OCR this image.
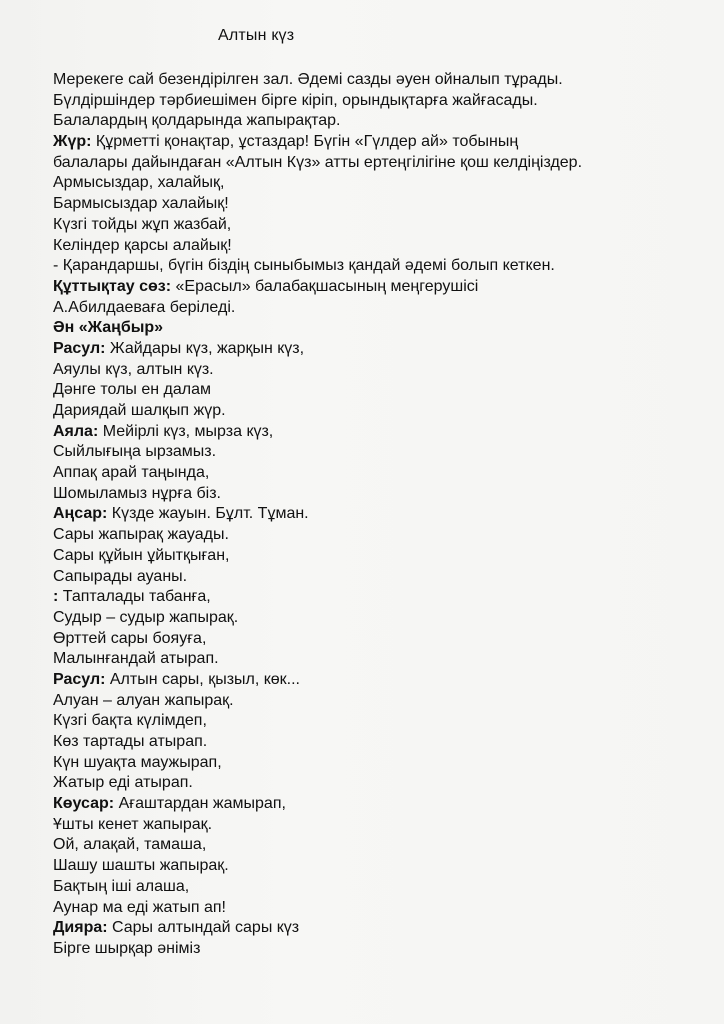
Алтын күз
Мерекеге сай безендірілген зал. Әдемі сазды әуен ойналып тұрады.
Бүлдіршіндер тәрбиешімен бірге кіріп, орындықтарға жайғасады.
Балалардың қолдарында жапырақтар.
Жүр: Құрметті қонақтар, ұстаздар! Бүгін «Гүлдер ай» тобының
балалары дайындаған «Алтын Күз» атты ертеңгілігіне қош келдіңіздер.
Армысыздар, халайық,
Бармысыздар халайық!
Күзгі тойды жұп жазбай,
Келіндер қарсы алайық!
- Қарандаршы, бүгін біздің сыныбымыз қандай әдемі болып кеткен.
Құттықтау сөз: «Ерасыл» балабақшасының меңгерушісі
А.Абилдаеваға беріледі.
Ән «Жаңбыр»
Расул: Жайдары күз, жарқын күз,
Аяулы күз, алтын күз.
Дәнге толы ен далам
Дариядай шалқып жүр.
Аяла: Мейірлі күз, мырза күз,
Сыйлығыңа ырзамыз.
Аппақ арай таңында,
Шомыламыз нұрға біз.
Аңсар: Күзде жауын. Бұлт. Тұман.
Сары жапырақ жауады.
Сары құйын ұйытқыған,
Сапырады ауаны.
: Тапталады табанға,
Судыр – судыр жапырақ.
Өрттей сары бояуға,
Малынғандай атырап.
Расул: Алтын сары, қызыл, көк...
Алуан – алуан жапырақ.
Күзгі бақта күлімдеп,
Көз тартады атырап.
Күн шуақта маужырап,
Жатыр еді атырап.
Көусар: Ағаштардан жамырап,
Ұшты кенет жапырақ.
Ой, алақай, тамаша,
Шашу шашты жапырақ.
Бақтың іші алаша,
Аунар ма еді жатып ап!
Дияра: Сары алтындай сары күз
Бірге шырқар әніміз
